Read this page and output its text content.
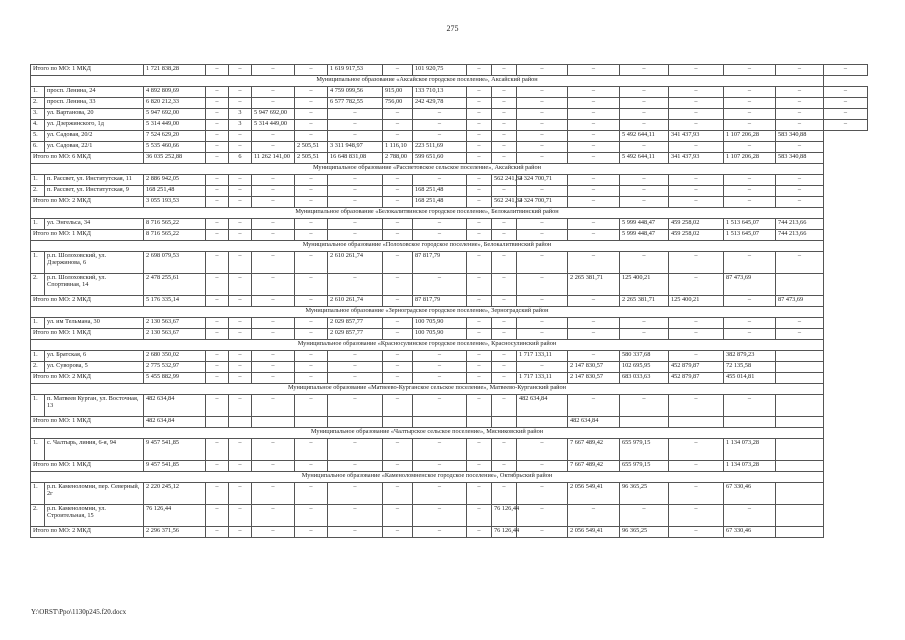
275
Итого по МО: 1 МКД		1 721 838,28	–	–	–	–	1 619 917,53	–	101 920,75	–	–	–	–	–	–	–	–	–
Муниципальное образование «Аксайское городское поселение», Аксайский район																		
1.	просп. Ленина, 24	4 892 809,69	–	–	–	–	4 759 099,56	915,00	133 710,13	–	–	–	–	–	–	–	–	–
2.	просп. Ленина, 33	6 820 212,33	–	–	–	–	6 577 782,55	756,00	242 429,78	–	–	–	–	–	–	–	–	–
3.	ул. Вартанова, 20	5 947 692,00	–	3	5 947 692,00	–	–	–	–	–	–	–	–	–	–	–	–	–
4.	ул. Дзержинского, 1д	5 314 449,00	–	3	5 314 449,00	–	–	–	–	–	–	–	–	–	–	–	–	–
5.	ул. Садовая, 20/2	7 524 629,20	–	–	–	–	–	–	–	–	–	–	–	5 492 644,11	341 437,93	1 107 206,28	583 340,88	
6.	ул. Садовая, 22/1	5 535 460,66	–	–	–	2 505,51	3 311 948,97	1 116,10	223 511,69	–	–	–	–	–	–	–	–	
Итого по МО: 6 МКД		36 035 252,88	–	6	11 262 141,00	2 505,51	16 648 831,08	2 788,00	599 651,60	–	–	–	–	5 492 644,11	341 437,93	1 107 206,28	583 340,88	
Муниципальное образование «Рассветовское сельское поселение», Аксайский район																		
1.	п. Рассвет, ул. Институтская, 11	2 886 942,05	–	–	–	–	–	–	–	–	562 241,34	2 324 700,71	–	–	–	–	–	
2.	п. Рассвет, ул. Институтская, 9	168 251,48	–	–	–	–	–	–	168 251,48	–	–	–	–	–	–	–	–	
Итого по МО: 2 МКД		3 055 193,53	–	–	–	–	–	–	168 251,48	–	562 241,34	2 324 700,71	–	–	–	–	–	
Муниципальное образование «Белокалитвинское городское поселение», Белокалитвинский район																		
1.	ул. Энгельса, 34	8 716 565,22	–	–	–	–	–	–	–	–	–	–	–	5 999 448,47	459 258,02	1 513 645,07	744 213,66	
Итого по МО: 1 МКД		8 716 565,22	–	–	–	–	–	–	–	–	–	–	–	5 999 448,47	459 258,02	1 513 645,07	744 213,66	
Муниципальное образование «Полоховское городское поселение», Белокалитвинский район																		
1.	р.п. Шолоховский, ул. Дзержинова, 6	2 698 079,53	–	–	–	–	2 610 261,74	–	87 817,79	–	–	–	–	–	–	–	–	
2.	р.п. Шолоховский, ул. Спортивная, 14	2 478 255,61	–	–	–	–	–	–	–	–	–	–	2 265 381,71	125 400,21	–	87 473,69		
Итого по МО: 2 МКД		5 176 335,14	–	–	–	–	2 610 261,74	–	87 817,79	–	–	–	–	2 265 381,71	125 400,21	–	87 473,69	
Муниципальное образование «Зерноградское городское поселение», Зерноградский район																		
1.	ул. им Тельмана, 30	2 130 563,67	–	–	–	–	2 029 857,77	–	100 705,90	–	–	–	–	–	–	–	–	
Итого по МО: 1 МКД		2 130 563,67	–	–	–	–	2 029 857,77	–	100 705,90	–	–	–	–	–	–	–	–	
Муниципальное образование «Красносулинское городское поселение», Красносулинский район																		
1.	ул. Братская, 6	2 680 350,02	–	–	–	–	–	–	–	–	–	1 717 133,11	–	580 337,68	–	382 879,23		
2.	ул. Суворова, 5	2 775 532,97	–	–	–	–	–	–	–	–	–	–	2 147 830,57	102 695,95	452 879,87	72 135,58		
Итого по МО: 2 МКД		5 455 882,99	–	–	–	–	–	–	–	–	–	1 717 133,11	2 147 830,57	683 033,63	452 879,87	455 014,81		
Муниципальное образование «Матвеево-Курганское сельское поселение», Матвеево-Курганский район																		
1.	п. Матвеев Курган, ул. Восточная, 13	482 634,84	–	–	–	–	–	–	–	–	–	482 634,84	–	–	–	–		
Итого по МО: 1 МКД		482 634,84											482 634,84					
Муниципальное образование «Чалтырское сельское поселение», Мясниковский район																		
1.	с. Чалтырь, линия, 6-я, 94	9 457 541,85	–	–	–	–	–	–	–	–	–	–	7 667 489,42	655 979,15	–	1 134 073,28		
Итого по МО: 1 МКД		9 457 541,85	–	–	–	–	–	–	–	–	–	–	7 667 489,42	655 979,15	–	1 134 073,28		
Муниципальное образование «Каменоломненское городское поселение», Октябрьский район																		
1.	р.п. Каменоломни, пер. Северный, 2г	2 220 245,12	–	–	–	–	–	–	–	–	–	–	2 056 549,41	96 365,25	–	67 330,46		
2.	р.п. Каменоломни, ул. Строительная, 15	76 126,44	–	–	–	–	–	–	–	–	76 126,44	–	–	–	–	–		
Итого по МО: 2 МКД		2 296 371,56	–	–	–	–	–	–	–	–	76 126,44	–	2 056 549,41	96 365,25	–	67 330,46		
Y:\ORST\Ppo\1130p245.f20.docx
